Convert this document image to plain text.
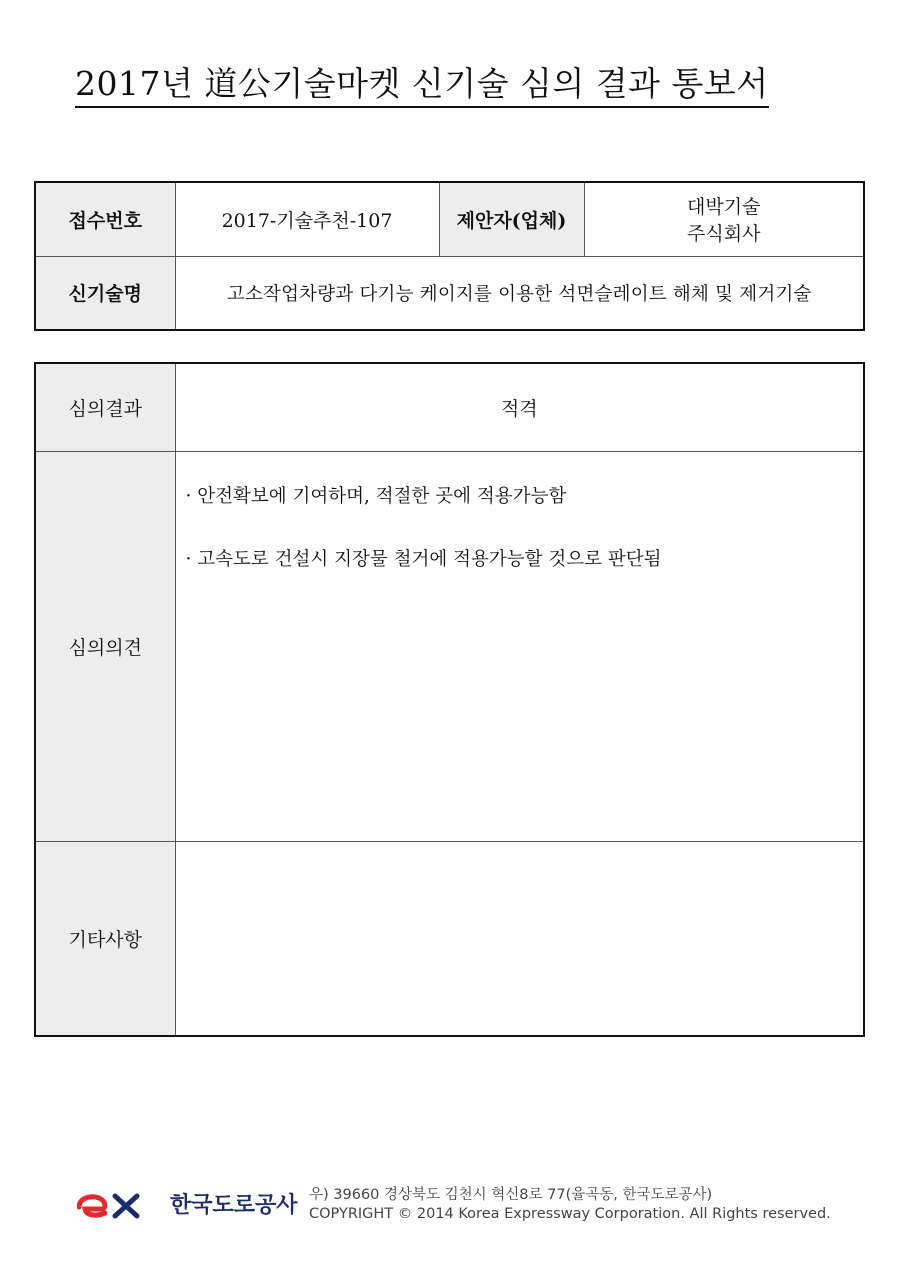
2017년 道公기술마켓 신기술 심의 결과 통보서
접수번호	2017-기술추천-107	제안자(업체)	대박기술
주식회사

신기술명	고소작업차량과 다기능 케이지를 이용한 석면슬레이트 해체 및 제거기술		
심의결과	적격
심의의견	· 안전확보에 기여하며, 적절한 곳에 적용가능함

· 고속도로 건설시 지장물 철거에 적용가능할 것으로 판단됨

기타사항	
한국도로공사 우) 39660 경상북도 김천시 혁신8로 77(율곡동, 한국도로공사)
COPYRIGHT © 2014 Korea Expressway Corporation. All Rights reserved.
